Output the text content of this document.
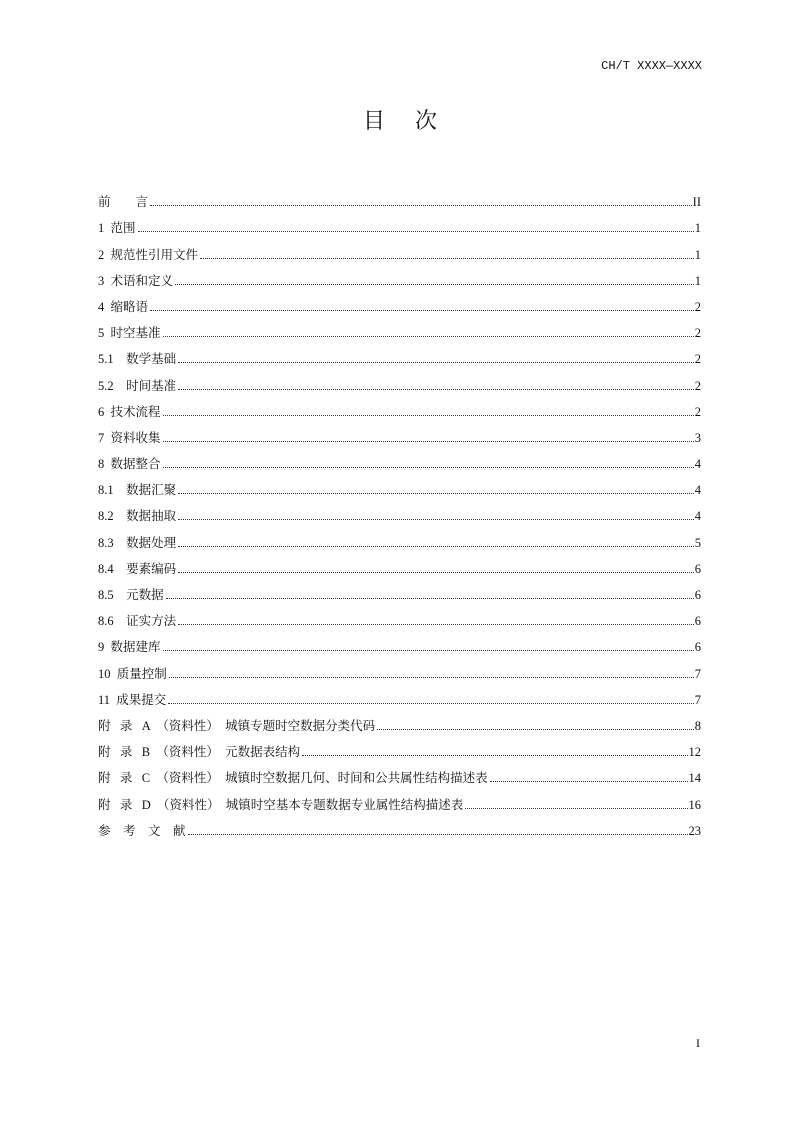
CH/T XXXX—XXXX
目 次
前        言	II
1  范围	1
2  规范性引用文件	1
3  术语和定义	1
4  缩略语	2
5  时空基准	2
5.1    数学基础	2
5.2    时间基准	2
6  技术流程	2
7  资料收集	3
8  数据整合	4
8.1    数据汇聚	4
8.2    数据抽取	4
8.3    数据处理	5
8.4    要素编码	6
8.5    元数据	6
8.6    证实方法	6
9  数据建库	6
10  质量控制	7
11  成果提交	7
附   录   A  （资料性）  城镇专题时空数据分类代码	8
附   录   B  （资料性）  元数据表结构	12
附   录   C  （资料性）  城镇时空数据几何、时间和公共属性结构描述表	14
附   录   D  （资料性）  城镇时空基本专题数据专业属性结构描述表	16
参    考    文    献	23
I
